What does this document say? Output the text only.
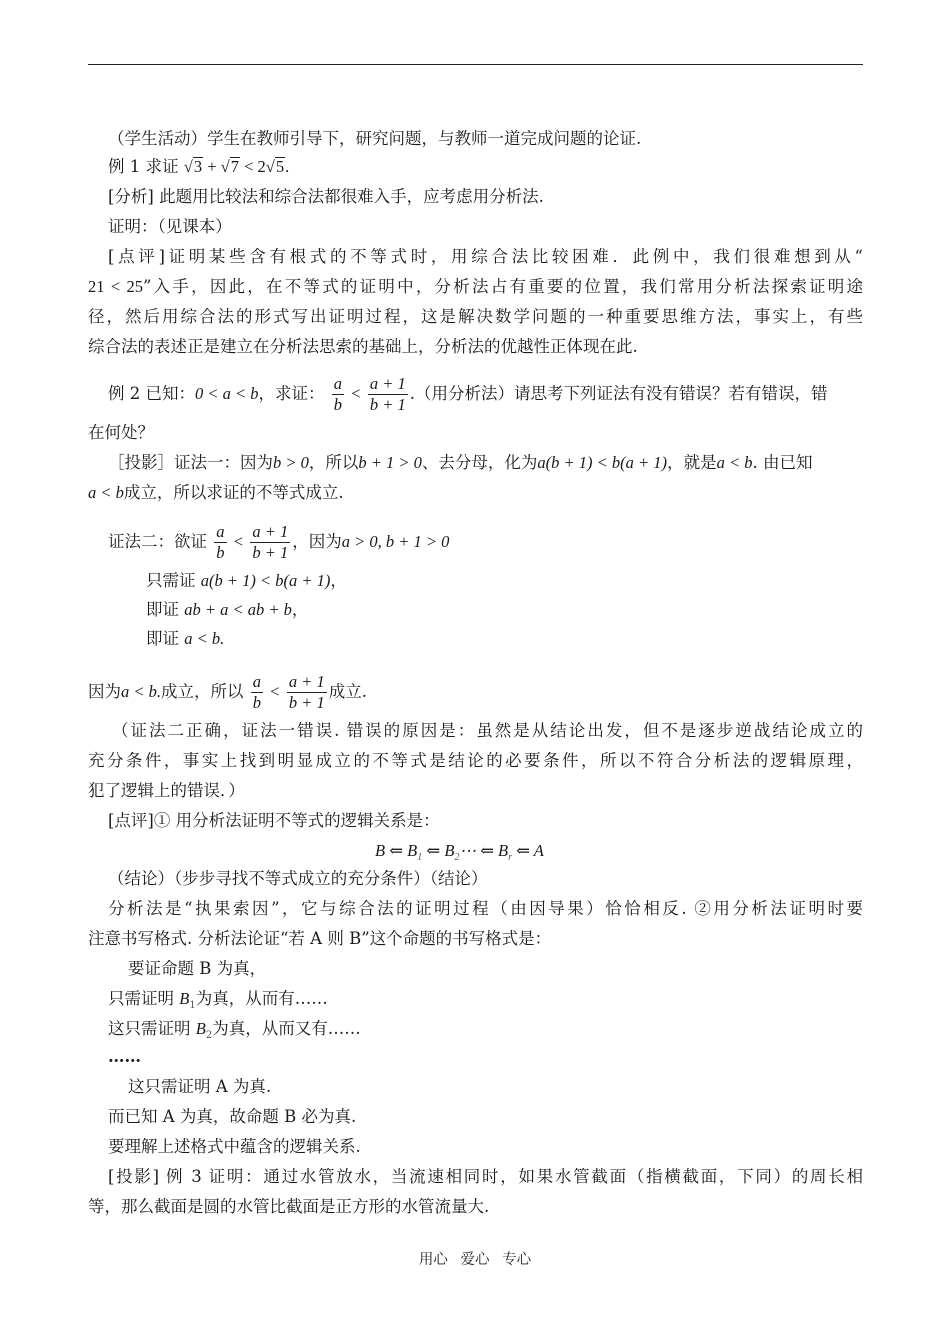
（学生活动）学生在教师引导下，研究问题，与教师一道完成问题的论证.
例 1 求证 √3 + √7 < 2√5.
[分析] 此题用比较法和综合法都很难入手，应考虑用分析法.
证明：（见课本）
[点评]证明某些含有根式的不等式时，用综合法比较困难．此例中，我们很难想到从“
21 < 25”入手，因此，在不等式的证明中，分析法占有重要的位置，我们常用分析法探索证明途
径，然后用综合法的形式写出证明过程，这是解决数学问题的一种重要思维方法，事实上，有些
综合法的表述正是建立在分析法思索的基础上，分析法的优越性正体现在此.
例 2 已知：0 < a < b，求证： $\frac{a}{b} < \frac{a + 1}{b + 1}$ .（用分析法）请思考下列证法有没有错误？若有错误，错
在何处？
［投影］证法一：因为b > 0，所以b + 1 > 0、去分母，化为a(b + 1) < b(a + 1)，就是a < b. 由已知
a < b成立，所以求证的不等式成立.
证法二：欲证 $\frac{a}{b} < \frac{a + 1}{b + 1}$ ，因为a > 0, b + 1 > 0
只需证 a(b + 1) < b(a + 1)，
即证 ab + a < ab + b，
即证 a < b.
因为a < b.成立，所以 $\frac{a}{b} < \frac{a + 1}{b + 1}$ 成立.
（证法二正确，证法一错误. 错误的原因是：虽然是从结论出发，但不是逐步逆战结论成立的
充分条件，事实上找到明显成立的不等式是结论的必要条件，所以不符合分析法的逻辑原理，
犯了逻辑上的错误．）
[点评]① 用分析法证明不等式的逻辑关系是：
B ⇐ $B_1$ ⇐ $B_2\cdots$ ⇐ $B_r$ ⇐ A
（结论）（步步寻找不等式成立的充分条件）（结论）
分析法是“执果索因”，它与综合法的证明过程（由因导果）恰恰相反. ②用分析法证明时要
注意书写格式. 分析法论证“若 A 则 B”这个命题的书写格式是：
要证命题 B 为真，
只需证明 $B_1$为真，从而有……
这只需证明 $B_2$为真，从而又有……
……
这只需证明 A 为真.
而已知 A 为真，故命题 B 必为真.
要理解上述格式中蕴含的逻辑关系.
[投影] 例 3 证明：通过水管放水，当流速相同时，如果水管截面（指横截面，下同）的周长相
等，那么截面是圆的水管比截面是正方形的水管流量大.
用心 爱心 专心
